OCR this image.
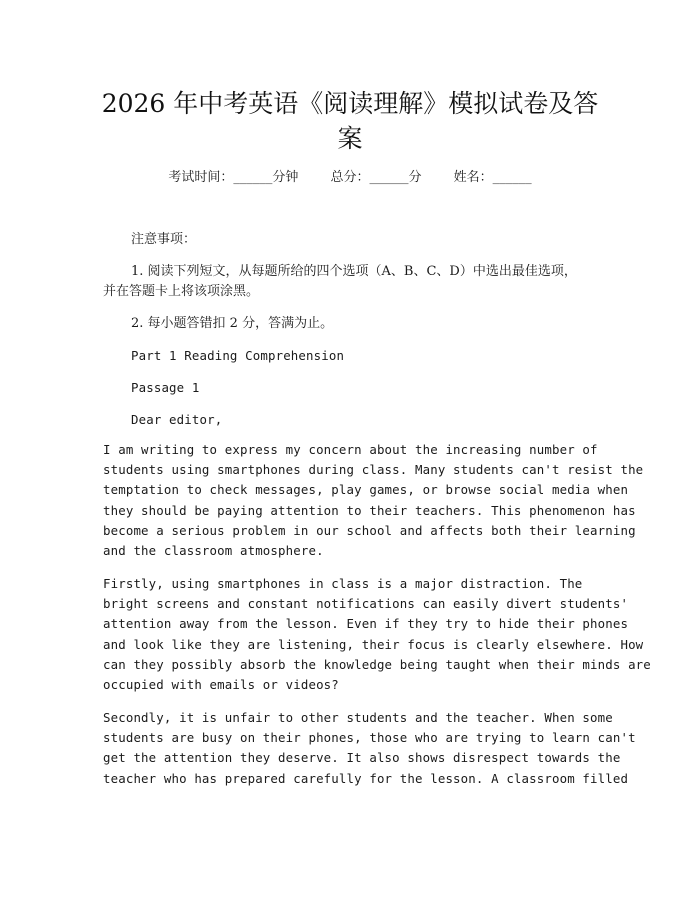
2026 年中考英语《阅读理解》模拟试卷及答
案
考试时间：______分钟 总分：______分 姓名：______
注意事项：
1. 阅读下列短文，从每题所给的四个选项（A、B、C、D）中选出最佳选项，
并在答题卡上将该项涂黑。
2. 每小题答错扣 2 分，答满为止。
Part 1 Reading Comprehension
Passage 1
Dear editor,
I am writing to express my concern about the increasing number of
students using smartphones during class. Many students can't resist the
temptation to check messages, play games, or browse social media when
they should be paying attention to their teachers. This phenomenon has
become a serious problem in our school and affects both their learning
and the classroom atmosphere.
Firstly, using smartphones in class is a major distraction. The
bright screens and constant notifications can easily divert students'
attention away from the lesson. Even if they try to hide their phones
and look like they are listening, their focus is clearly elsewhere. How
can they possibly absorb the knowledge being taught when their minds are
occupied with emails or videos?
Secondly, it is unfair to other students and the teacher. When some
students are busy on their phones, those who are trying to learn can't
get the attention they deserve. It also shows disrespect towards the
teacher who has prepared carefully for the lesson. A classroom filled
